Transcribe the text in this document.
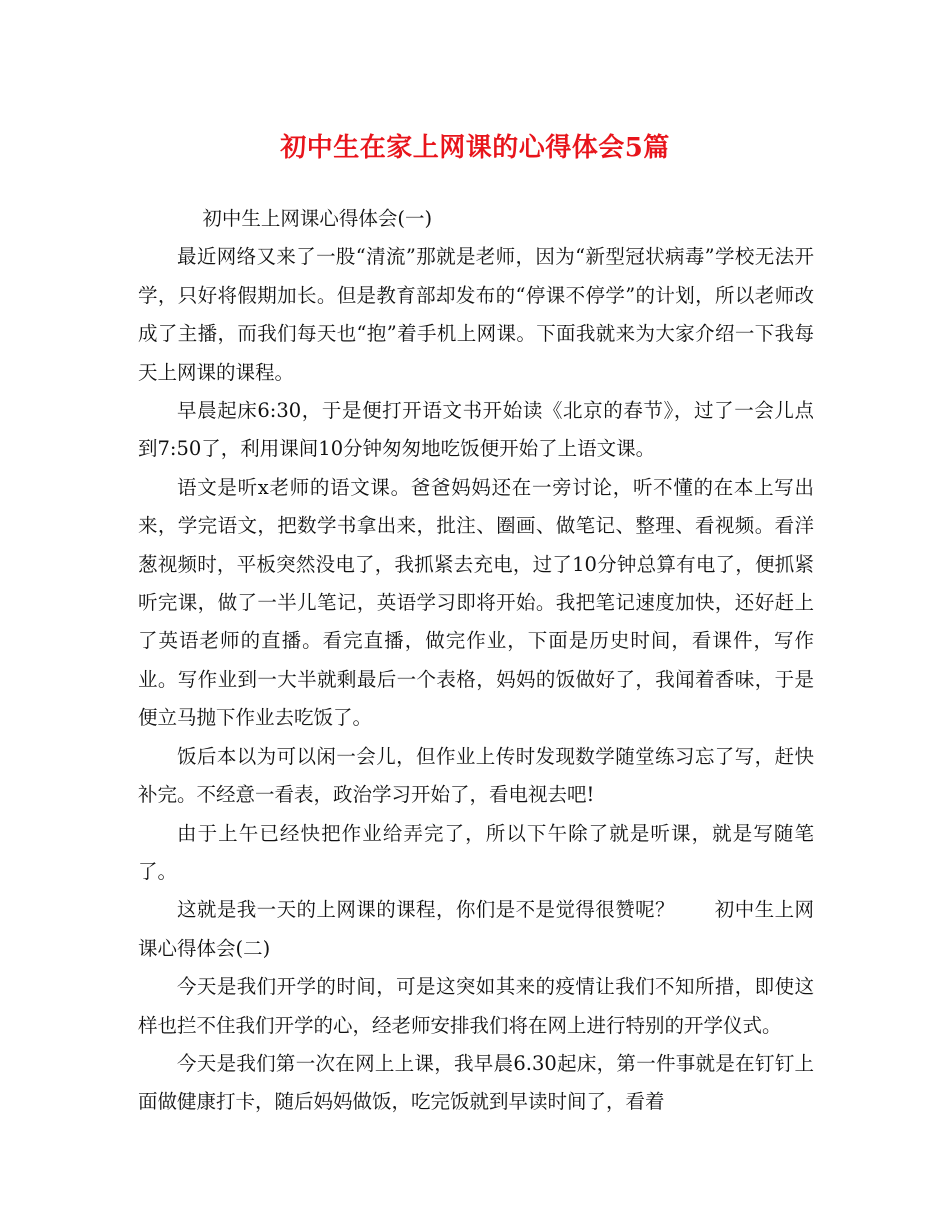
初中生在家上网课的心得体会5篇

初中生上网课心得体会(一)

最近网络又来了一股“清流”那就是老师，因为“新型冠状病毒”学校无法开学，只好将假期加长。但是教育部却发布的“停课不停学”的计划，所以老师改成了主播，而我们每天也“抱”着手机上网课。下面我就来为大家介绍一下我每天上网课的课程。

早晨起床6:30，于是便打开语文书开始读《北京的春节》，过了一会儿点到7:50了，利用课间10分钟匆匆地吃饭便开始了上语文课。

语文是听x老师的语文课。爸爸妈妈还在一旁讨论，听不懂的在本上写出来，学完语文，把数学书拿出来，批注、圈画、做笔记、整理、看视频。看洋葱视频时，平板突然没电了，我抓紧去充电，过了10分钟总算有电了，便抓紧听完课，做了一半儿笔记，英语学习即将开始。我把笔记速度加快，还好赶上了英语老师的直播。看完直播，做完作业，下面是历史时间，看课件，写作业。写作业到一大半就剩最后一个表格，妈妈的饭做好了，我闻着香味，于是便立马抛下作业去吃饭了。

饭后本以为可以闲一会儿，但作业上传时发现数学随堂练习忘了写，赶快补完。不经意一看表，政治学习开始了，看电视去吧!

由于上午已经快把作业给弄完了，所以下午除了就是听课，就是写随笔了。

这就是我一天的上网课的课程，你们是不是觉得很赞呢？　　初中生上网课心得体会(二)

今天是我们开学的时间，可是这突如其来的疫情让我们不知所措，即使这样也拦不住我们开学的心，经老师安排我们将在网上进行特别的开学仪式。

今天是我们第一次在网上上课，我早晨6.30起床，第一件事就是在钉钉上面做健康打卡，随后妈妈做饭，吃完饭就到早读时间了，看着
